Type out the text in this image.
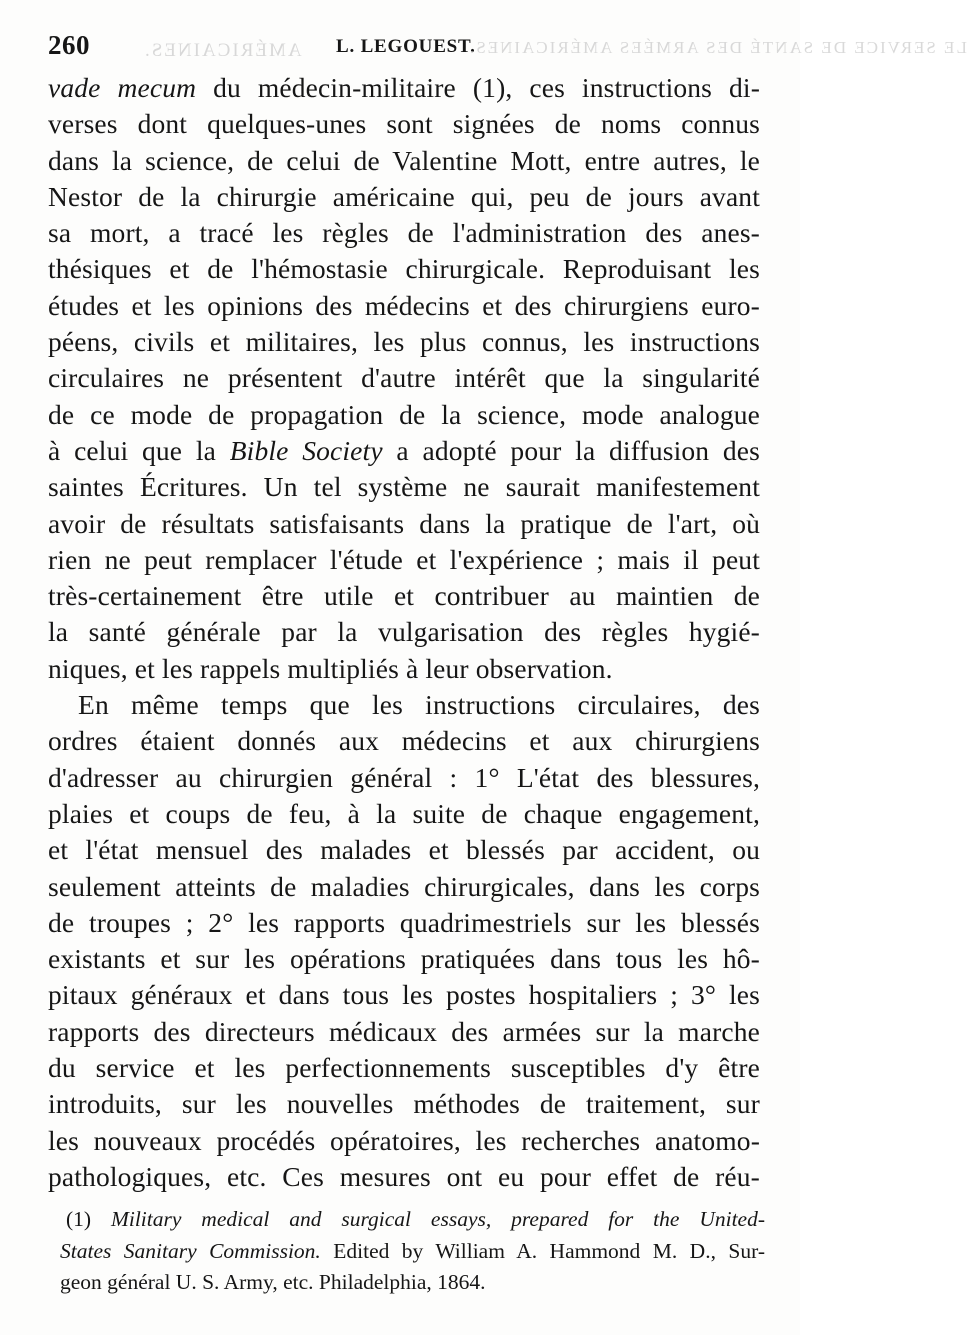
260	AMÉRICAINES. L. LEGOUEST.
LE SERVICE DE SANTÉ DES ARMÉES AMÉRICAINES.
vade mecum du médecin-militaire (1), ces instructions di-
verses dont quelques-unes sont signées de noms connus
dans la science, de celui de Valentine Mott, entre autres, le
Nestor de la chirurgie américaine qui, peu de jours avant
sa mort, a tracé les règles de l'administration des anes-
thésiques et de l'hémostasie chirurgicale. Reproduisant les
études et les opinions des médecins et des chirurgiens euro-
péens, civils et militaires, les plus connus, les instructions
circulaires ne présentent d'autre intérêt que la singularité
de ce mode de propagation de la science, mode analogue
à celui que la Bible Society a adopté pour la diffusion des
saintes Écritures. Un tel système ne saurait manifestement
avoir de résultats satisfaisants dans la pratique de l'art, où
rien ne peut remplacer l'étude et l'expérience ; mais il peut
très-certainement être utile et contribuer au maintien de
la santé générale par la vulgarisation des règles hygié-
niques, et les rappels multipliés à leur observation.
En même temps que les instructions circulaires, des
ordres étaient donnés aux médecins et aux chirurgiens
d'adresser au chirurgien général : 1° L'état des blessures,
plaies et coups de feu, à la suite de chaque engagement,
et l'état mensuel des malades et blessés par accident, ou
seulement atteints de maladies chirurgicales, dans les corps
de troupes ; 2° les rapports quadrimestriels sur les blessés
existants et sur les opérations pratiquées dans tous les hô-
pitaux généraux et dans tous les postes hospitaliers ; 3° les
rapports des directeurs médicaux des armées sur la marche
du service et les perfectionnements susceptibles d'y être
introduits, sur les nouvelles méthodes de traitement, sur
les nouveaux procédés opératoires, les recherches anatomo-
pathologiques, etc. Ces mesures ont eu pour effet de réu-
(1) Military medical and surgical essays, prepared for the United-
States Sanitary Commission. Edited by William A. Hammond M. D., Sur-
geon général U. S. Army, etc. Philadelphia, 1864.
